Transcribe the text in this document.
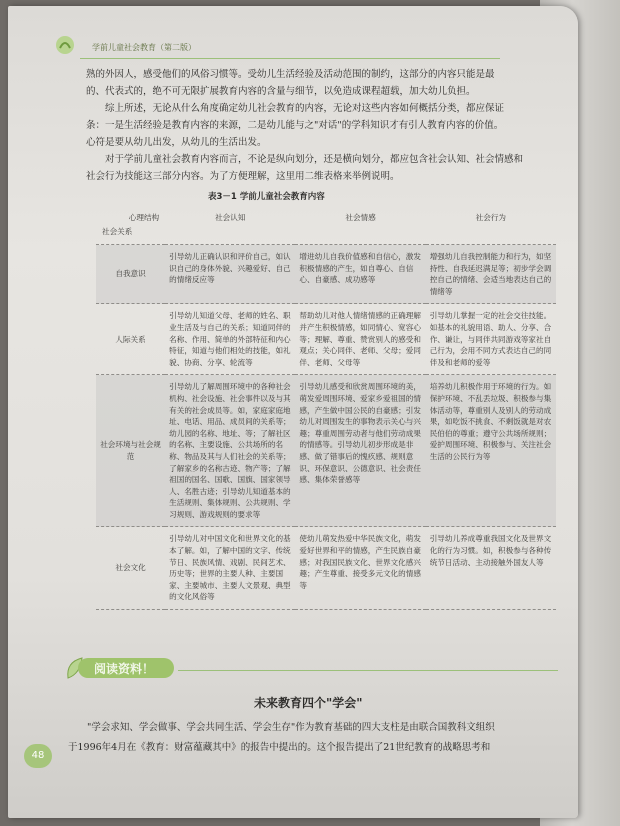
学前儿童社会教育（第二版）

熟的外因人，感受他们的风俗习惯等。受幼儿生活经验及活动范围的制约，这部分的内容只能是最

的、代表式的，绝不可无限扩展教育内容的含量与细节，以免造成课程超载，加大幼儿负担。

综上所述，无论从什么角度确定幼儿社会教育的内容，无论对这些内容如何概括分类，都应保证

条：一是生活经验是教育内容的来源，二是幼儿能与之"对话"的学科知识才有引人教育内容的价值。

心符是要从幼儿出发，从幼儿的生活出发。

对于学前儿童社会教育内容而言，不论是纵向划分，还是横向划分，都应包含社会认知、社会情感和

社会行为技能这三部分内容。为了方便理解，这里用二维表格来举例说明。

表3－1 学前儿童社会教育内容
心理结构
社会关系	社会认知	社会情感	社会行为
自我意识	引导幼儿正确认识和评价自己，如认识自己的身体外貌、兴趣爱好、自己的情绪反应等	增进幼儿自我价值感和自信心，激发积极情感的产生，如自尊心、自信心、自豪感、成功感等	增强幼儿自我控制能力和行为，如坚持性、自我延迟满足等；初步学会调控自己的情绪、会适当地表达自己的情绪等
人际关系	引导幼儿知道父母、老师的姓名、职业生活及与自己的关系；知道同伴的名称、作用、简单的外部特征和内心特征，知道与他们相处的技能，如礼貌、协商、分享、轮流等	帮助幼儿对他人情绪情感的正确理解并产生积极情感，如同情心、宽容心等；理解、尊重、赞赏别人的感受和观点；关心同伴、老师、父母；爱同伴、老师、父母等	引导幼儿掌握一定的社会交往技能。如基本的礼貌用语、助人、分享、合作、谦让，与同伴共同游戏等家社自己行为，会用不同方式表达自己的同伴及和老师的爱等
社会环境与社会规范	引导幼儿了解周围环境中的各种社会机构、社会设施、社会事件以及与其有关的社会成员等。如，家庭家庭地址、电话、用品、成员间的关系等；幼儿园的名称、地址、等；了解社区的名称、主要设施、公共场所的名称、物品及其与人们社会的关系等；了解家乡的名称古迹、物产等；了解祖国的国名、国歌、国旗、国家领导人、名胜古迹；引导幼儿知道基本的生活规则、集体规则、公共规则、学习规则、游戏规则的要求等	引导幼儿感受和欣赏周围环境的美，萌发爱周围环境、爱家乡爱祖国的情感，产生做中国公民的自豪感；引发幼儿对周围发生的事物表示关心与兴趣；尊重周围劳动者与他们劳动成果的情感等。引导幼儿初步形成是非感、做了错事后的愧疚感、规则意识、环保意识、公德意识、社会责任感、集体荣誉感等	培养幼儿积极作用于环境的行为。如保护环境、不乱丢垃圾、积极参与集体活动等，尊重别人及别人的劳动成果，如吃饭不挑食、不剩饭就是对农民伯伯的尊重；遵守公共场所规则；爱护周围环境、积极参与、关注社会生活的公民行为等
社会文化	引导幼儿对中国文化和世界文化的基本了解。如，了解中国的文字、传统节日、民族风情、戏剧、民间艺术、历史等；世界的主要人种、主要国家、主要城市、主要人文景观、典型的文化风俗等	使幼儿萌发热爱中华民族文化，萌发爱好世界和平的情感，产生民族自豪感；对我国民族文化、世界文化感兴趣；产生尊重、接受多元文化的情感等	引导幼儿养成尊重我国文化及世界文化的行为习惯。如，积极参与各种传统节日活动、主动接触外国友人等
阅读资料！
未来教育四个"学会"

"学会求知、学会做事、学会共同生活、学会生存"作为教育基础的四大支柱是由联合国教科文组织

于1996年4月在《教育：财富蕴藏其中》的报告中提出的。这个报告提出了21世纪教育的战略思考和

48
